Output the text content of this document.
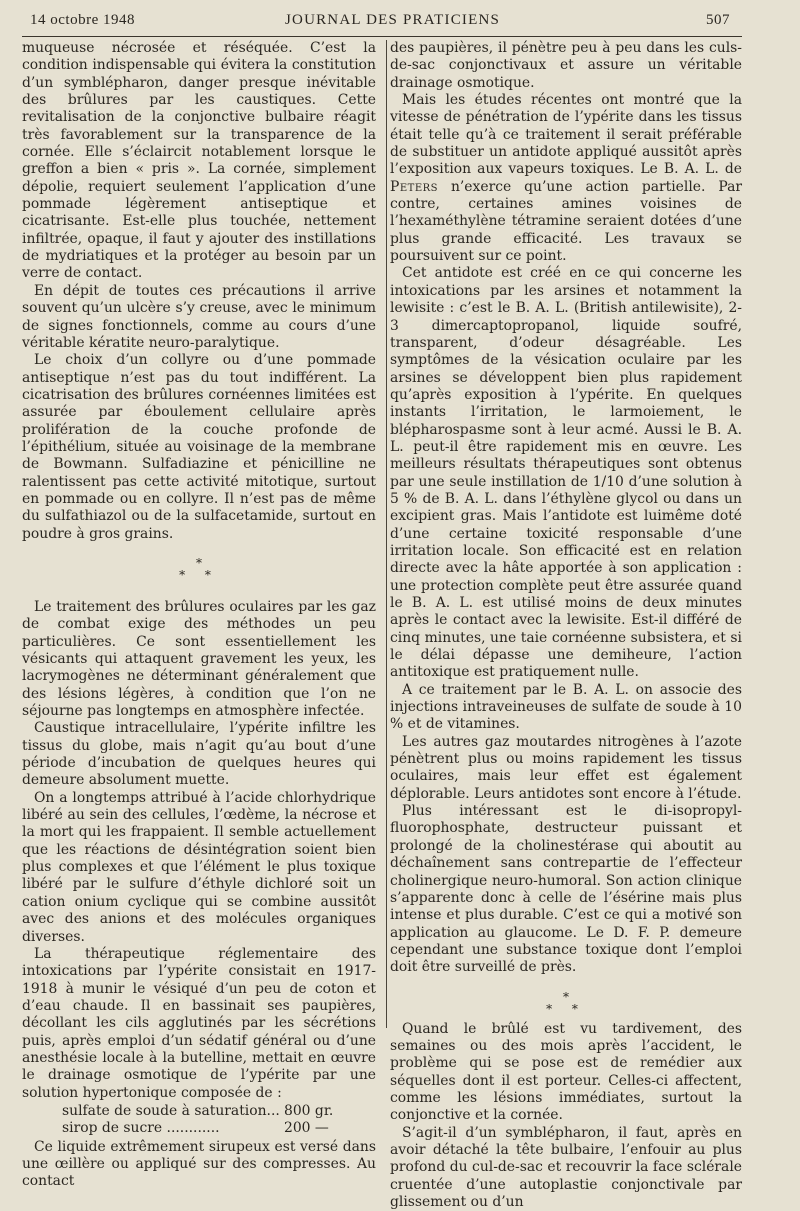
14 octobre 1948	JOURNAL DES PRATICIENS	507

muqueuse nécrosée et réséquée. C’est la condition indispensable qui évitera la constitution d’un symblépharon, danger presque inévitable des brûlures par les caustiques. Cette revitalisation de la conjonctive bulbaire réagit très favorablement sur la transparence de la cornée. Elle s’éclaircit notablement lorsque le greffon a bien « pris ». La cornée, simplement dépolie, requiert seulement l’application d’une pommade légèrement antiseptique et cicatrisante. Est-elle plus touchée, nettement infiltrée, opaque, il faut y ajouter des instillations de mydriatiques et la protéger au besoin par un verre de contact.

En dépit de toutes ces précautions il arrive souvent qu’un ulcère s’y creuse, avec le minimum de signes fonctionnels, comme au cours d’une véritable kératite neuro-paralytique.

Le choix d’un collyre ou d’une pommade antiseptique n’est pas du tout indifférent. La cicatrisation des brûlures cornéennes limitées est assurée par éboulement cellulaire après prolifération de la couche profonde de l’épithélium, située au voisinage de la membrane de Bowmann. Sulfadiazine et pénicilline ne ralentissent pas cette activité mitotique, surtout en pommade ou en collyre. Il n’est pas de même du sulfathiazol ou de la sulfacetamide, surtout en poudre à gros grains.

*
* *

Le traitement des brûlures oculaires par les gaz de combat exige des méthodes un peu particulières. Ce sont essentiellement les vésicants qui attaquent gravement les yeux, les lacrymogènes ne déterminant généralement que des lésions légères, à condition que l’on ne séjourne pas longtemps en atmosphère infectée.

Caustique intracellulaire, l’ypérite infiltre les tissus du globe, mais n’agit qu’au bout d’une période d’incubation de quelques heures qui demeure absolument muette.

On a longtemps attribué à l’acide chlorhydrique libéré au sein des cellules, l’œdème, la nécrose et la mort qui les frappaient. Il semble actuellement que les réactions de désintégration soient bien plus complexes et que l’élément le plus toxique libéré par le sulfure d’éthyle dichloré soit un cation onium cyclique qui se combine aussitôt avec des anions et des molécules organiques diverses.

La thérapeutique réglementaire des intoxications par l’ypérite consistait en 1917-1918 à munir le vésiqué d’un peu de coton et d’eau chaude. Il en bassinait ses paupières, décollant les cils agglutinés par les sécrétions puis, après emploi d’un sédatif général ou d’une anesthésie locale à la butelline, mettait en œuvre le drainage osmotique de l’ypérite par une solution hypertonique composée de :

sulfate de soude à saturation... 800 gr.
sirop de sucre ............	200 —

Ce liquide extrêmement sirupeux est versé dans une œillère ou appliqué sur des compresses. Au contact

des paupières, il pénètre peu à peu dans les culs-de-sac conjonctivaux et assure un véritable drainage osmotique.

Mais les études récentes ont montré que la vitesse de pénétration de l’ypérite dans les tissus était telle qu’à ce traitement il serait préférable de substituer un antidote appliqué aussitôt après l’exposition aux vapeurs toxiques. Le B. A. L. de Peters n’exerce qu’une action partielle. Par contre, certaines amines voisines de l’hexaméthylène tétramine seraient dotées d’une plus grande efficacité. Les travaux se poursuivent sur ce point.

Cet antidote est créé en ce qui concerne les intoxications par les arsines et notamment la lewisite : c’est le B. A. L. (British antilewisite), 2-3 dimercaptopropanol, liquide soufré, transparent, d’odeur désagréable. Les symptômes de la vésication oculaire par les arsines se développent bien plus rapidement qu’après exposition à l’ypérite. En quelques instants l’irritation, le larmoiement, le blépharospasme sont à leur acmé. Aussi le B. A. L. peut-il être rapidement mis en œuvre. Les meilleurs résultats thérapeutiques sont obtenus par une seule instillation de 1/10 d’une solution à 5 % de B. A. L. dans l’éthylène glycol ou dans un excipient gras. Mais l’antidote est luimême doté d’une certaine toxicité responsable d’une irritation locale. Son efficacité est en relation directe avec la hâte apportée à son application : une protection complète peut être assurée quand le B. A. L. est utilisé moins de deux minutes après le contact avec la lewisite. Est-il différé de cinq minutes, une taie cornéenne subsistera, et si le délai dépasse une demiheure, l’action antitoxique est pratiquement nulle.

A ce traitement par le B. A. L. on associe des injections intraveineuses de sulfate de soude à 10 % et de vitamines.

Les autres gaz moutardes nitrogènes à l’azote pénètrent plus ou moins rapidement les tissus oculaires, mais leur effet est également déplorable. Leurs antidotes sont encore à l’étude.

Plus intéressant est le di-isopropyl-fluorophosphate, destructeur puissant et prolongé de la cholinestérase qui aboutit au déchaînement sans contrepartie de l’effecteur cholinergique neuro-humoral. Son action clinique s’apparente donc à celle de l’ésérine mais plus intense et plus durable. C’est ce qui a motivé son application au glaucome. Le D. F. P. demeure cependant une substance toxique dont l’emploi doit être surveillé de près.

*
* *

Quand le brûlé est vu tardivement, des semaines ou des mois après l’accident, le problème qui se pose est de remédier aux séquelles dont il est porteur. Celles-ci affectent, comme les lésions immédiates, surtout la conjonctive et la cornée.

S’agit-il d’un symblépharon, il faut, après en avoir détaché la tête bulbaire, l’enfouir au plus profond du cul-de-sac et recouvrir la face sclérale cruentée d’une autoplastie conjonctivale par glissement ou d’un
